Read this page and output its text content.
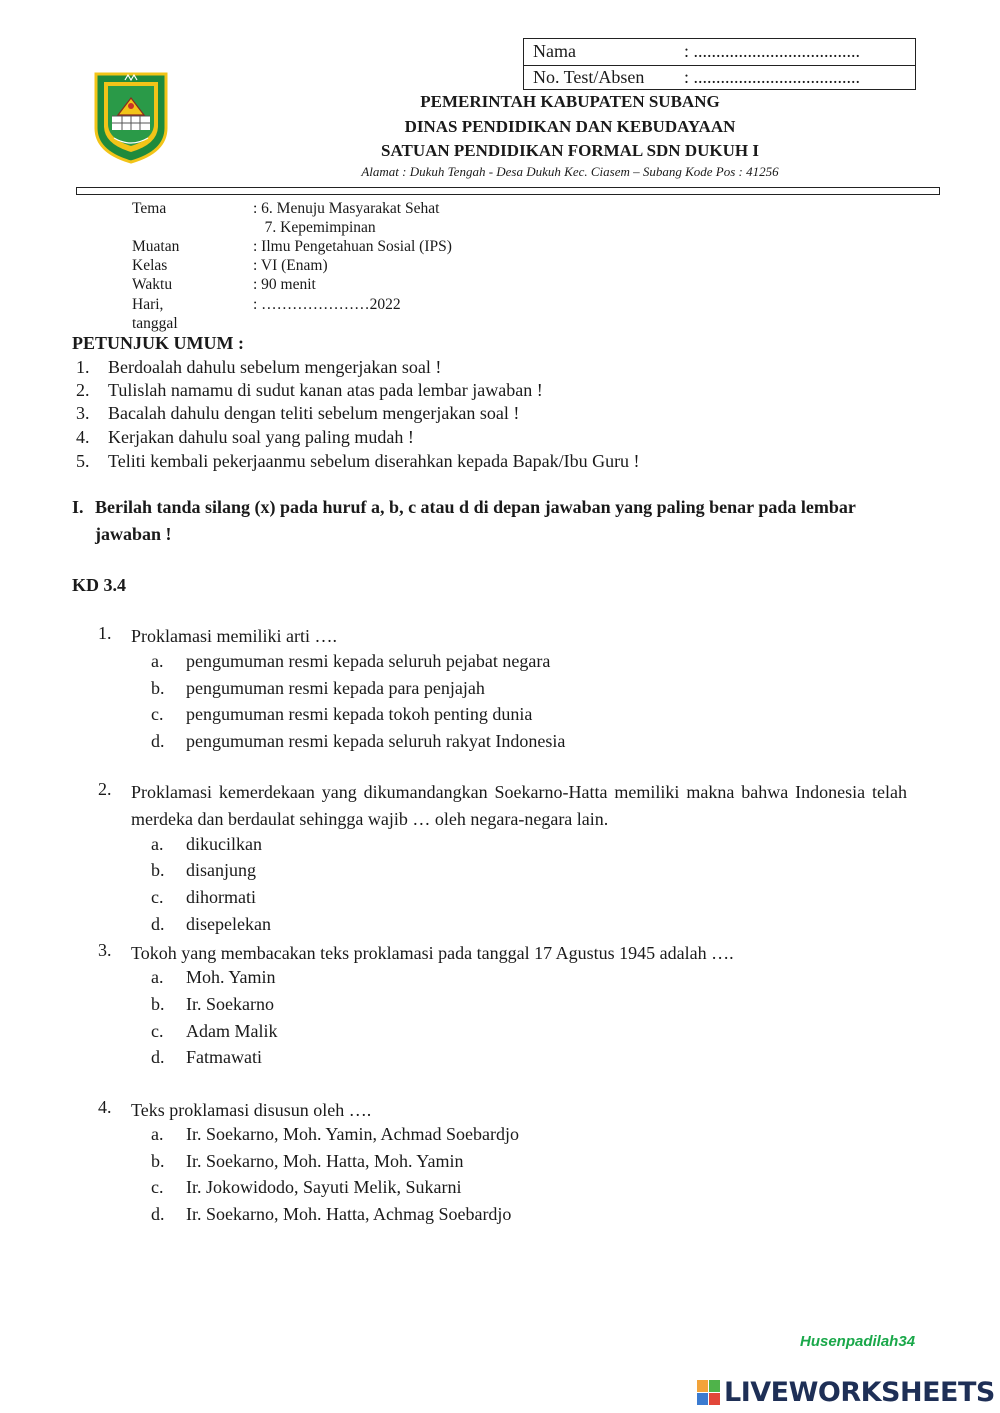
Nama	: .....................................
No. Test/Absen : .....................................
PEMERINTAH KABUPATEN SUBANG
DINAS PENDIDIKAN DAN KEBUDAYAAN
SATUAN PENDIDIKAN FORMAL SDN DUKUH I
Alamat : Dukuh Tengah - Desa Dukuh Kec. Ciasem – Subang Kode Pos : 41256
Tema	: 6. Menuju Masyarakat Sehat
7. Kepemimpinan
Muatan	: Ilmu Pengetahuan Sosial (IPS)
Kelas	: VI (Enam)
Waktu	: 90 menit
Hari, tanggal
: …………………2022
PETUNJUK UMUM :
1. Berdoalah dahulu sebelum mengerjakan soal !
2. Tulislah namamu di sudut kanan atas pada lembar jawaban !
3. Bacalah dahulu dengan teliti sebelum mengerjakan soal !
4. Kerjakan dahulu soal yang paling mudah !
5. Teliti kembali pekerjaanmu sebelum diserahkan kepada Bapak/Ibu Guru !
I. Berilah tanda silang (x) pada huruf a, b, c atau d di depan jawaban yang paling benar pada lembar jawaban !
KD 3.4
1. Proklamasi memiliki arti ….
a. pengumuman resmi kepada seluruh pejabat negara
b. pengumuman resmi kepada para penjajah
c. pengumuman resmi kepada tokoh penting dunia
d. pengumuman resmi kepada seluruh rakyat Indonesia
2. Proklamasi kemerdekaan yang dikumandangkan Soekarno-Hatta memiliki makna bahwa Indonesia telah merdeka dan berdaulat sehingga wajib … oleh negara-negara lain.
a. dikucilkan
b. disanjung
c. dihormati
d. disepelekan
3. Tokoh yang membacakan teks proklamasi pada tanggal 17 Agustus 1945 adalah ….
a. Moh. Yamin
b. Ir. Soekarno
c. Adam Malik
d. Fatmawati
4. Teks proklamasi disusun oleh ….
a. Ir. Soekarno, Moh. Yamin, Achmad Soebardjo
b. Ir. Soekarno, Moh. Hatta, Moh. Yamin
c. Ir. Jokowidodo, Sayuti Melik, Sukarni
d. Ir. Soekarno, Moh. Hatta, Achmag Soebardjo
Husenpadilah34
LIVEWORKSHEETS
